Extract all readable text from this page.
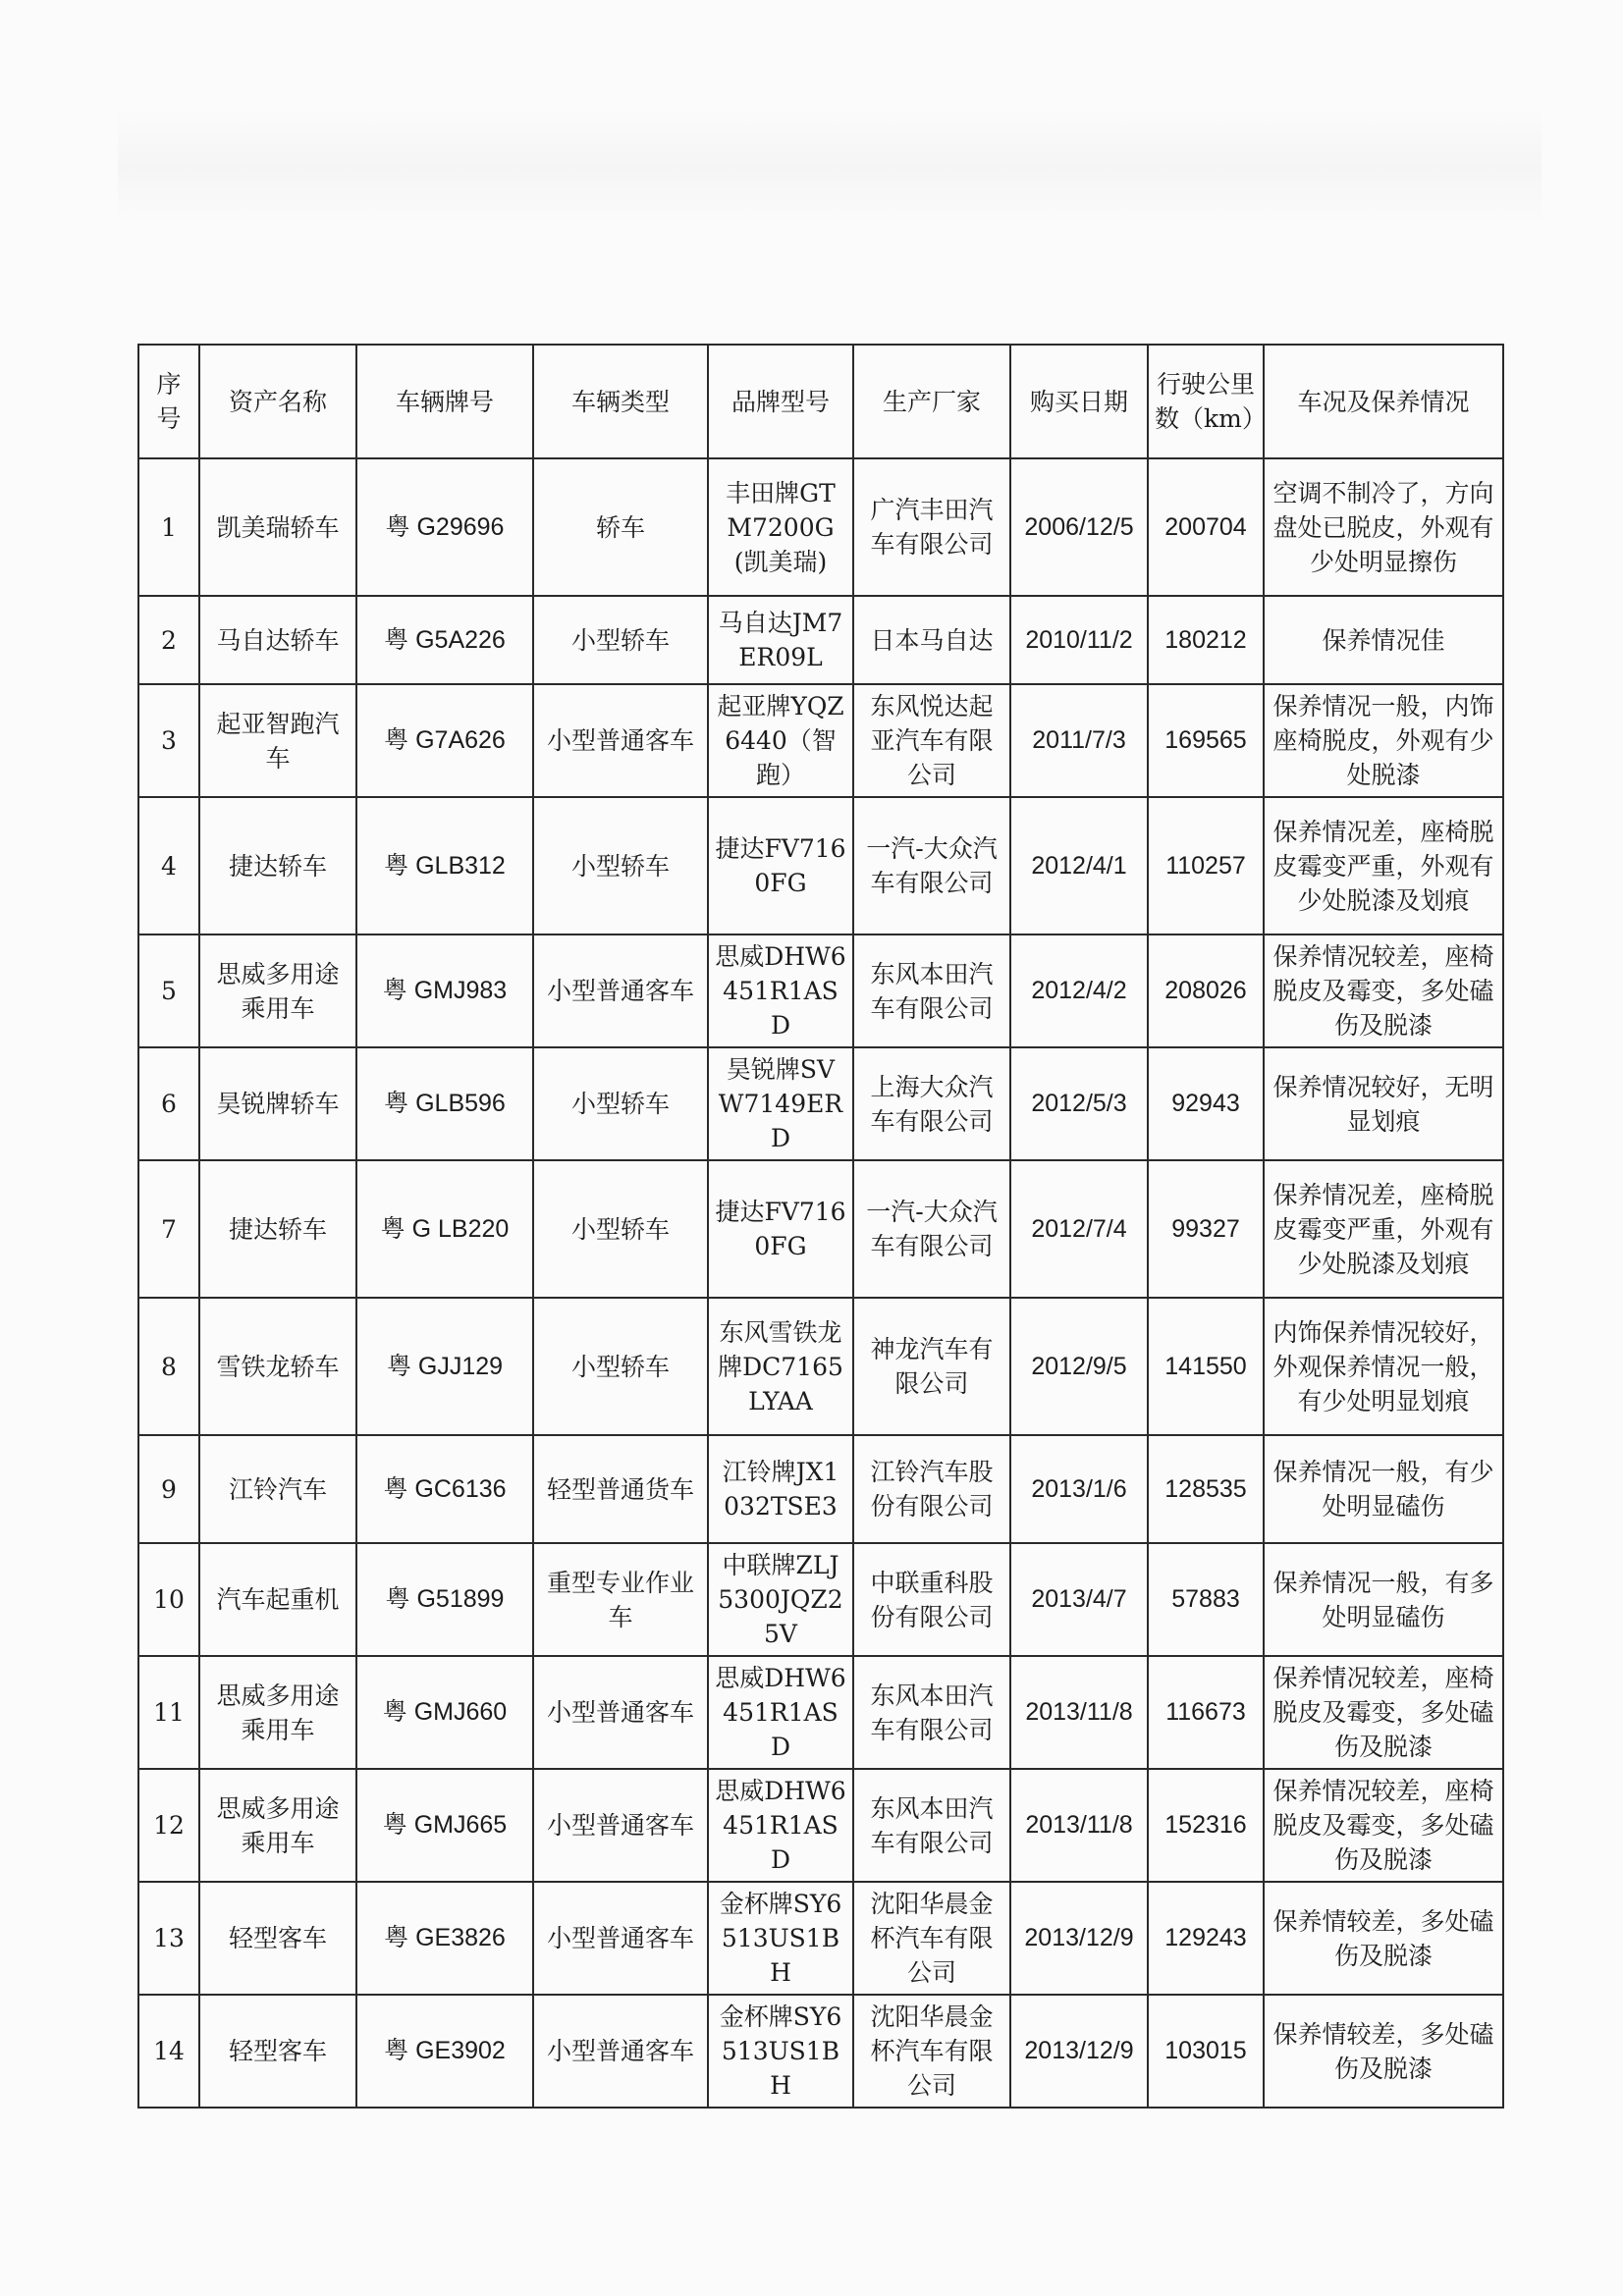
序号	资产名称	车辆牌号	车辆类型	品牌型号	生产厂家	购买日期	行驶公里数（km）	车况及保养情况
1	凯美瑞轿车	粤 G29696	轿车	丰田牌GTM7200G(凯美瑞)	广汽丰田汽车有限公司	2006/12/5	200704	空调不制冷了，方向盘处已脱皮，外观有少处明显擦伤
2	马自达轿车	粤 G5A226	小型轿车	马自达JM7ER09L	日本马自达	2010/11/2	180212	保养情况佳
3	起亚智跑汽车	粤 G7A626	小型普通客车	起亚牌YQZ6440（智跑）	东风悦达起亚汽车有限公司	2011/7/3	169565	保养情况一般，内饰座椅脱皮，外观有少处脱漆
4	捷达轿车	粤 GLB312	小型轿车	捷达FV7160FG	一汽-大众汽车有限公司	2012/4/1	110257	保养情况差，座椅脱皮霉变严重，外观有少处脱漆及划痕
5	思威多用途乘用车	粤 GMJ983	小型普通客车	思威DHW6451R1ASD	东风本田汽车有限公司	2012/4/2	208026	保养情况较差，座椅脱皮及霉变，多处磕伤及脱漆
6	昊锐牌轿车	粤 GLB596	小型轿车	昊锐牌SVW7149ERD	上海大众汽车有限公司	2012/5/3	92943	保养情况较好，无明显划痕
7	捷达轿车	粤 G LB220	小型轿车	捷达FV7160FG	一汽-大众汽车有限公司	2012/7/4	99327	保养情况差，座椅脱皮霉变严重，外观有少处脱漆及划痕
8	雪铁龙轿车	粤 GJJ129	小型轿车	东风雪铁龙牌DC7165LYAA	神龙汽车有限公司	2012/9/5	141550	内饰保养情况较好，外观保养情况一般，有少处明显划痕
9	江铃汽车	粤 GC6136	轻型普通货车	江铃牌JX1032TSE3	江铃汽车股份有限公司	2013/1/6	128535	保养情况一般，有少处明显磕伤
10	汽车起重机	粤 G51899	重型专业作业车	中联牌ZLJ5300JQZ25V	中联重科股份有限公司	2013/4/7	57883	保养情况一般，有多处明显磕伤
11	思威多用途乘用车	粤 GMJ660	小型普通客车	思威DHW6451R1ASD	东风本田汽车有限公司	2013/11/8	116673	保养情况较差，座椅脱皮及霉变，多处磕伤及脱漆
12	思威多用途乘用车	粤 GMJ665	小型普通客车	思威DHW6451R1ASD	东风本田汽车有限公司	2013/11/8	152316	保养情况较差，座椅脱皮及霉变，多处磕伤及脱漆
13	轻型客车	粤 GE3826	小型普通客车	金杯牌SY6513US1BH	沈阳华晨金杯汽车有限公司	2013/12/9	129243	保养情较差，多处磕伤及脱漆
14	轻型客车	粤 GE3902	小型普通客车	金杯牌SY6513US1BH	沈阳华晨金杯汽车有限公司	2013/12/9	103015	保养情较差，多处磕伤及脱漆
